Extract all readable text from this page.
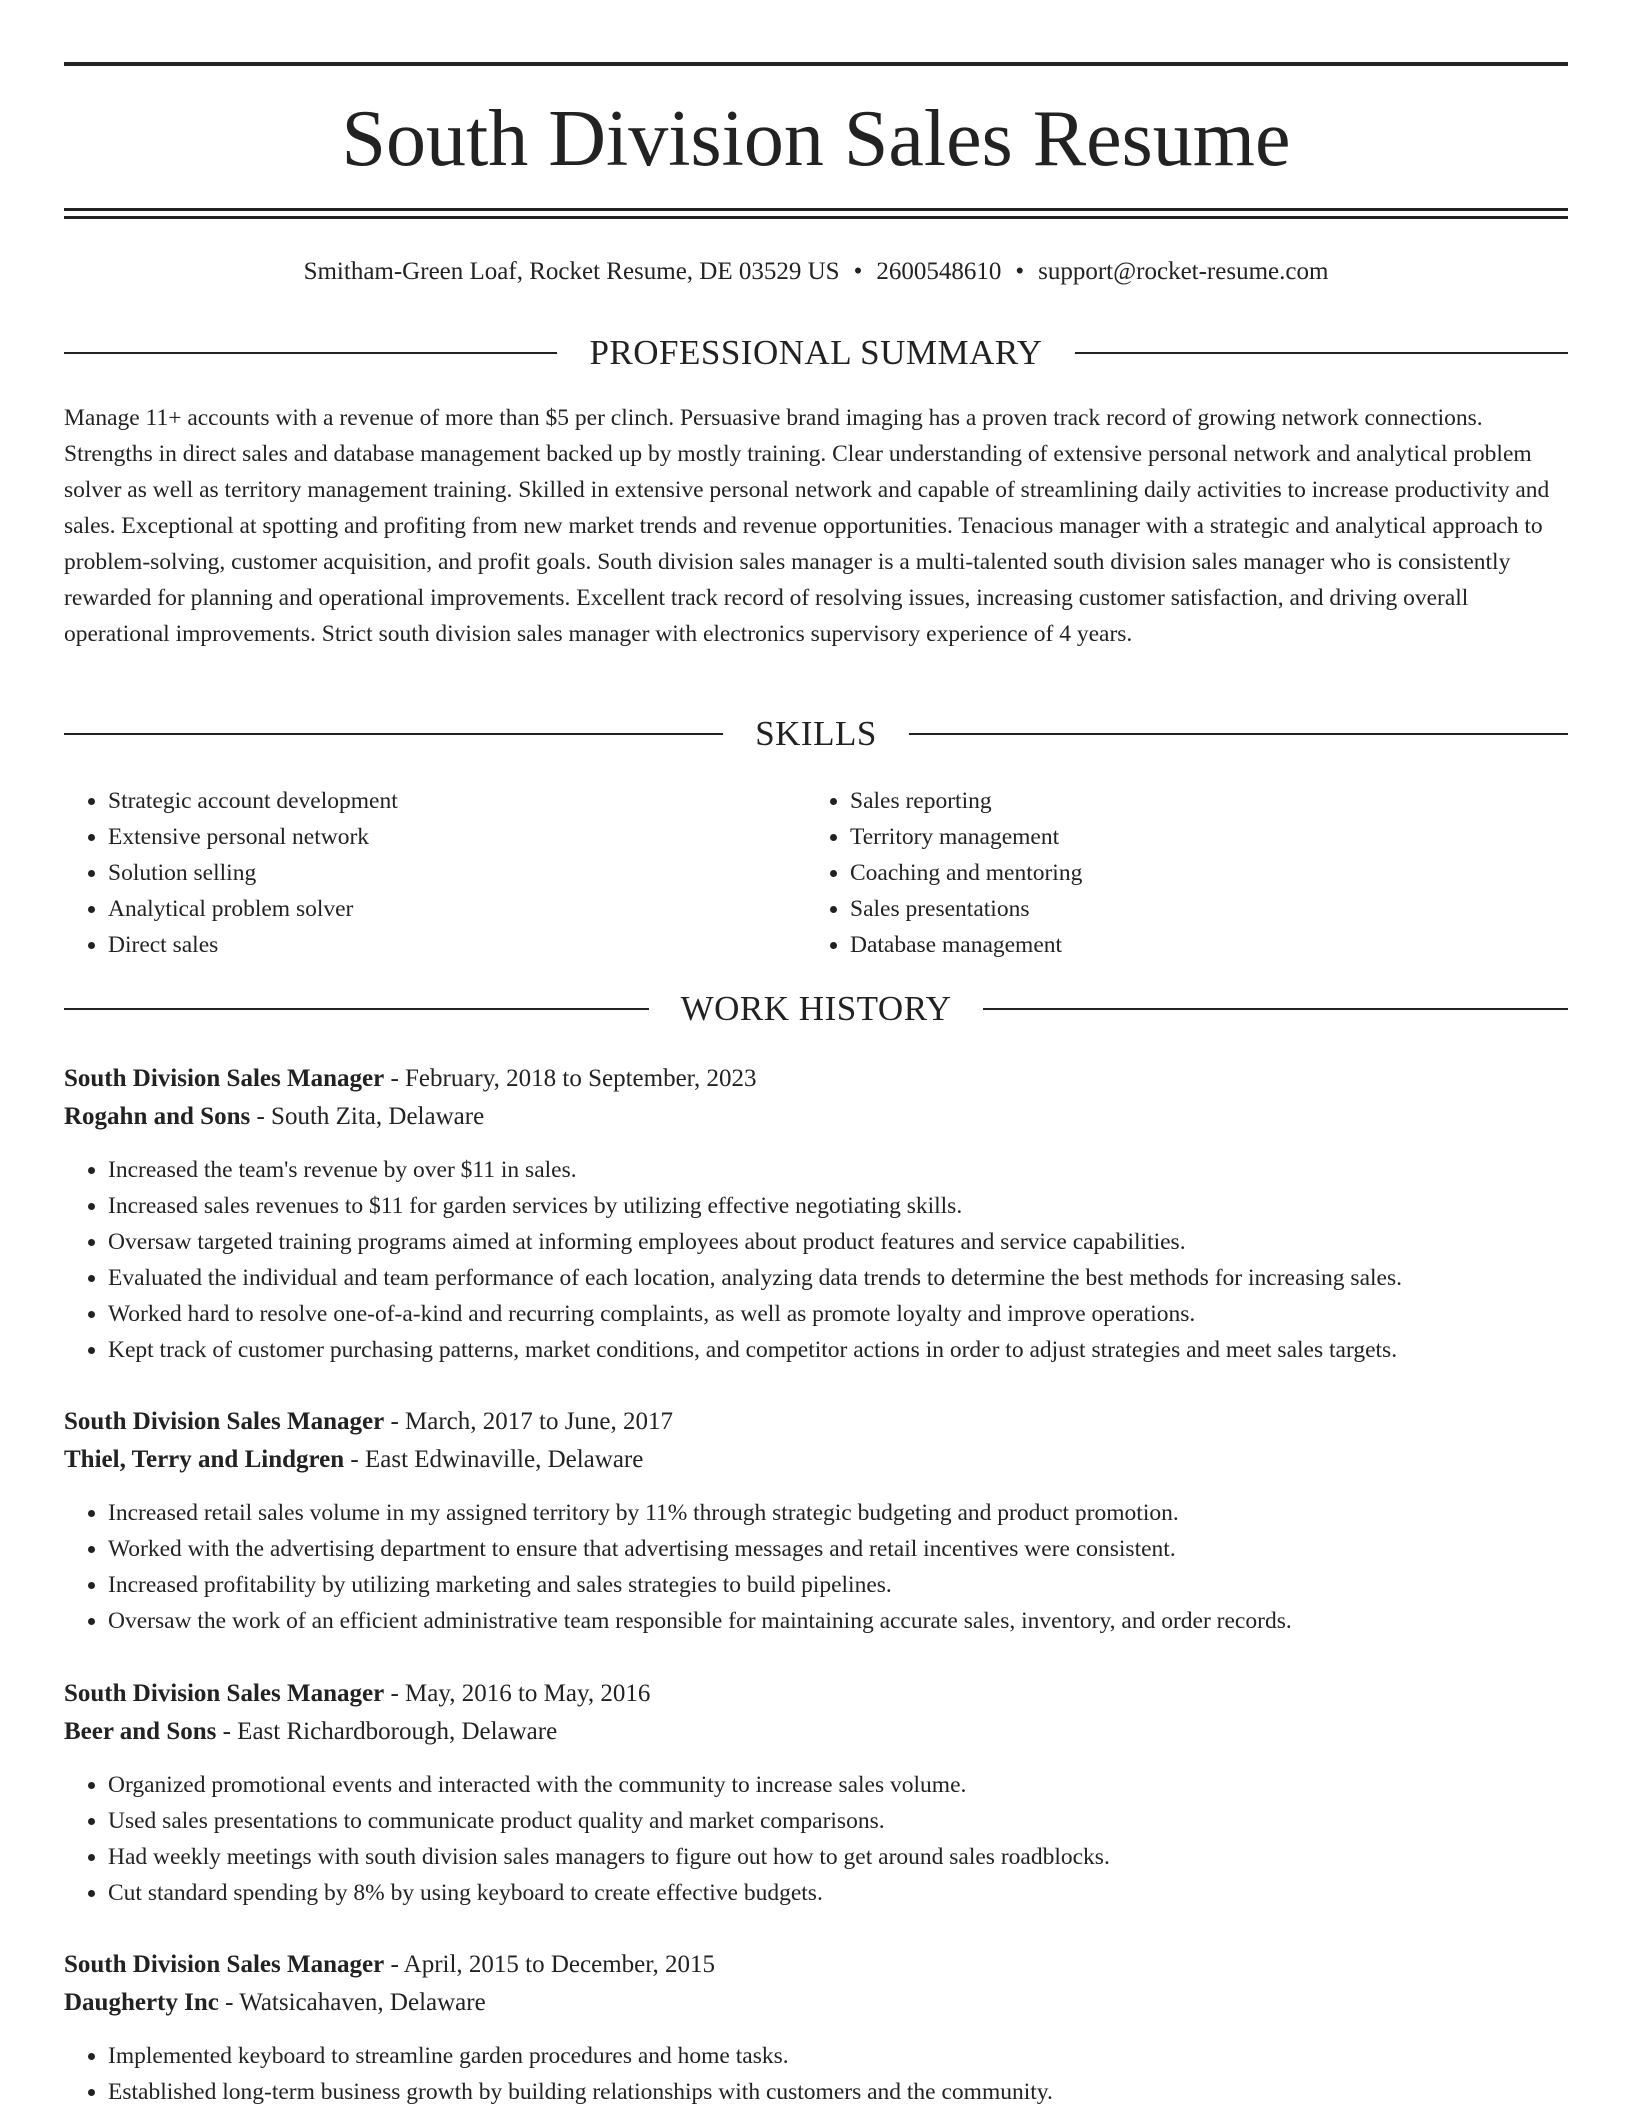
South Division Sales Resume
Smitham-Green Loaf, Rocket Resume, DE 03529 US • 2600548610 • support@rocket-resume.com
PROFESSIONAL SUMMARY

Manage 11+ accounts with a revenue of more than $5 per clinch. Persuasive brand imaging has a proven track record of growing network connections. Strengths in direct sales and database management backed up by mostly training. Clear understanding of extensive personal network and analytical problem solver as well as territory management training. Skilled in extensive personal network and capable of streamlining daily activities to increase productivity and sales. Exceptional at spotting and profiting from new market trends and revenue opportunities. Tenacious manager with a strategic and analytical approach to problem-solving, customer acquisition, and profit goals. South division sales manager is a multi-talented south division sales manager who is consistently rewarded for planning and operational improvements. Excellent track record of resolving issues, increasing customer satisfaction, and driving overall operational improvements. Strict south division sales manager with electronics supervisory experience of 4 years.

SKILLS
• Strategic account development
• Extensive personal network
• Solution selling
• Analytical problem solver
• Direct sales
• Sales reporting
• Territory management
• Coaching and mentoring
• Sales presentations
• Database management
WORK HISTORY

South Division Sales Manager - February, 2018 to September, 2023

Rogahn and Sons - South Zita, Delaware

• Increased the team's revenue by over $11 in sales.
• Increased sales revenues to $11 for garden services by utilizing effective negotiating skills.
• Oversaw targeted training programs aimed at informing employees about product features and service capabilities.
• Evaluated the individual and team performance of each location, analyzing data trends to determine the best methods for increasing sales.
• Worked hard to resolve one-of-a-kind and recurring complaints, as well as promote loyalty and improve operations.
• Kept track of customer purchasing patterns, market conditions, and competitor actions in order to adjust strategies and meet sales targets.

South Division Sales Manager - March, 2017 to June, 2017

Thiel, Terry and Lindgren - East Edwinaville, Delaware

• Increased retail sales volume in my assigned territory by 11% through strategic budgeting and product promotion.
• Worked with the advertising department to ensure that advertising messages and retail incentives were consistent.
• Increased profitability by utilizing marketing and sales strategies to build pipelines.
• Oversaw the work of an efficient administrative team responsible for maintaining accurate sales, inventory, and order records.

South Division Sales Manager - May, 2016 to May, 2016

Beer and Sons - East Richardborough, Delaware

• Organized promotional events and interacted with the community to increase sales volume.
• Used sales presentations to communicate product quality and market comparisons.
• Had weekly meetings with south division sales managers to figure out how to get around sales roadblocks.
• Cut standard spending by 8% by using keyboard to create effective budgets.

South Division Sales Manager - April, 2015 to December, 2015

Daugherty Inc - Watsicahaven, Delaware

• Implemented keyboard to streamline garden procedures and home tasks.
• Established long-term business growth by building relationships with customers and the community.
